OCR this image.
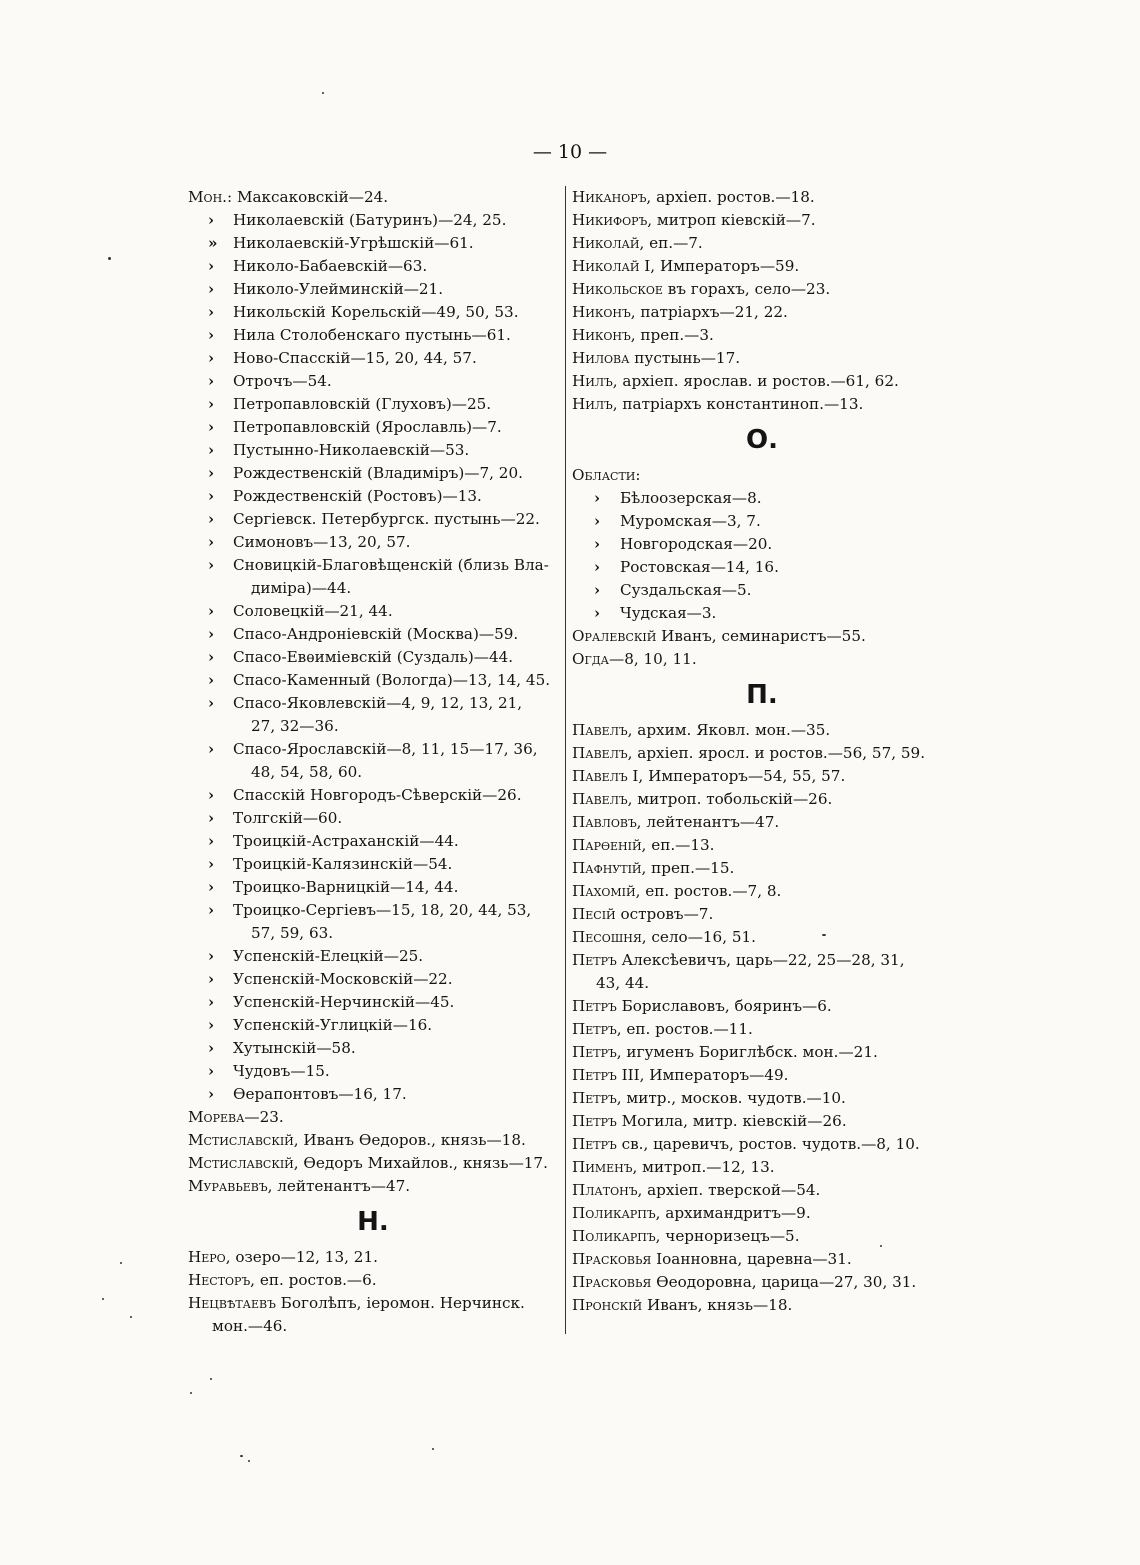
— 10 —
Мон.: Максаковскій—24.
› Николаевскій (Батуринъ)—24, 25.
» Николаевскій-Угрѣшскій—61.
› Николо-Бабаевскій—63.
› Николо-Улейминскій—21.
› Никольскій Корельскій—49, 50, 53.
› Нила Столобенскаго пустынь—61.
› Ново-Спасскій—15, 20, 44, 57.
› Отрочъ—54.
› Петропавловскій (Глуховъ)—25.
› Петропавловскій (Ярославль)—7.
› Пустынно-Николаевскій—53.
› Рождественскій (Владиміръ)—7, 20.
› Рождественскій (Ростовъ)—13.
› Сергіевск. Петербургск. пустынь—22.
› Симоновъ—13, 20, 57.
› Сновицкій-Благовѣщенскій (близь Вла-
диміра)—44.
› Соловецкій—21, 44.
› Спасо-Андроніевскій (Москва)—59.
› Спасо-Евѳиміевскій (Суздаль)—44.
› Спасо-Каменный (Вологда)—13, 14, 45.
› Спасо-Яковлевскій—4, 9, 12, 13, 21,
27, 32—36.
› Спасо-Ярославскій—8, 11, 15—17, 36,
48, 54, 58, 60.
› Спасскій Новгородъ-Сѣверскій—26.
› Толгскій—60.
› Троицкій-Астраханскій—44.
› Троицкій-Калязинскій—54.
› Троицко-Варницкій—14, 44.
› Троицко-Сергіевъ—15, 18, 20, 44, 53,
57, 59, 63.
› Успенскій-Елецкій—25.
› Успенскій-Московскій—22.
› Успенскій-Нерчинскій—45.
› Успенскій-Углицкій—16.
› Хутынскій—58.
› Чудовъ—15.
› Ѳерапонтовъ—16, 17.
Морева—23.
Мстиславскій, Иванъ Ѳедоров., князь—18.
Мстиславскій, Ѳедоръ Михайлов., князь—17.
Муравьевъ, лейтенантъ—47.
Н.
Неро, озеро—12, 13, 21.
Несторъ, еп. ростов.—6.
Нецвѣтаевъ Боголѣпъ, іеромон. Нерчинск.
мон.—46.
Никаноръ, архіеп. ростов.—18.
Никифоръ, митроп кіевскій—7.
Николай, еп.—7.
Николай I, Императоръ—59.
Никольское въ горахъ, село—23.
Никонъ, патріархъ—21, 22.
Никонъ, преп.—3.
Нилова пустынь—17.
Нилъ, архіеп. ярослав. и ростов.—61, 62.
Нилъ, патріархъ константиноп.—13.
О.
Области:
› Бѣлоозерская—8.
› Муромская—3, 7.
› Новгородская—20.
› Ростовская—14, 16.
› Суздальская—5.
› Чудская—3.
Оралевскій Иванъ, семинаристъ—55.
Огда—8, 10, 11.
П.
Павелъ, архим. Яковл. мон.—35.
Павелъ, архіеп. яросл. и ростов.—56, 57, 59.
Павелъ I, Императоръ—54, 55, 57.
Павелъ, митроп. тобольскій—26.
Павловъ, лейтенантъ—47.
Парѳеній, еп.—13.
Пафнутій, преп.—15.
Пахомій, еп. ростов.—7, 8.
Песій островъ—7.
Песошня, село—16, 51.
Петръ Алексѣевичъ, царь—22, 25—28, 31,
43, 44.
Петръ Бориславовъ, бояринъ—6.
Петръ, еп. ростов.—11.
Петръ, игуменъ Бориглѣбск. мон.—21.
Петръ III, Императоръ—49.
Петръ, митр., москов. чудотв.—10.
Петръ Могила, митр. кіевскій—26.
Петръ св., царевичъ, ростов. чудотв.—8, 10.
Пименъ, митроп.—12, 13.
Платонъ, архіеп. тверской—54.
Поликарпъ, архимандритъ—9.
Поликарпъ, черноризецъ—5.
Прасковья Іоанновна, царевна—31.
Прасковья Ѳеодоровна, царица—27, 30, 31.
Пронскій Иванъ, князь—18.
